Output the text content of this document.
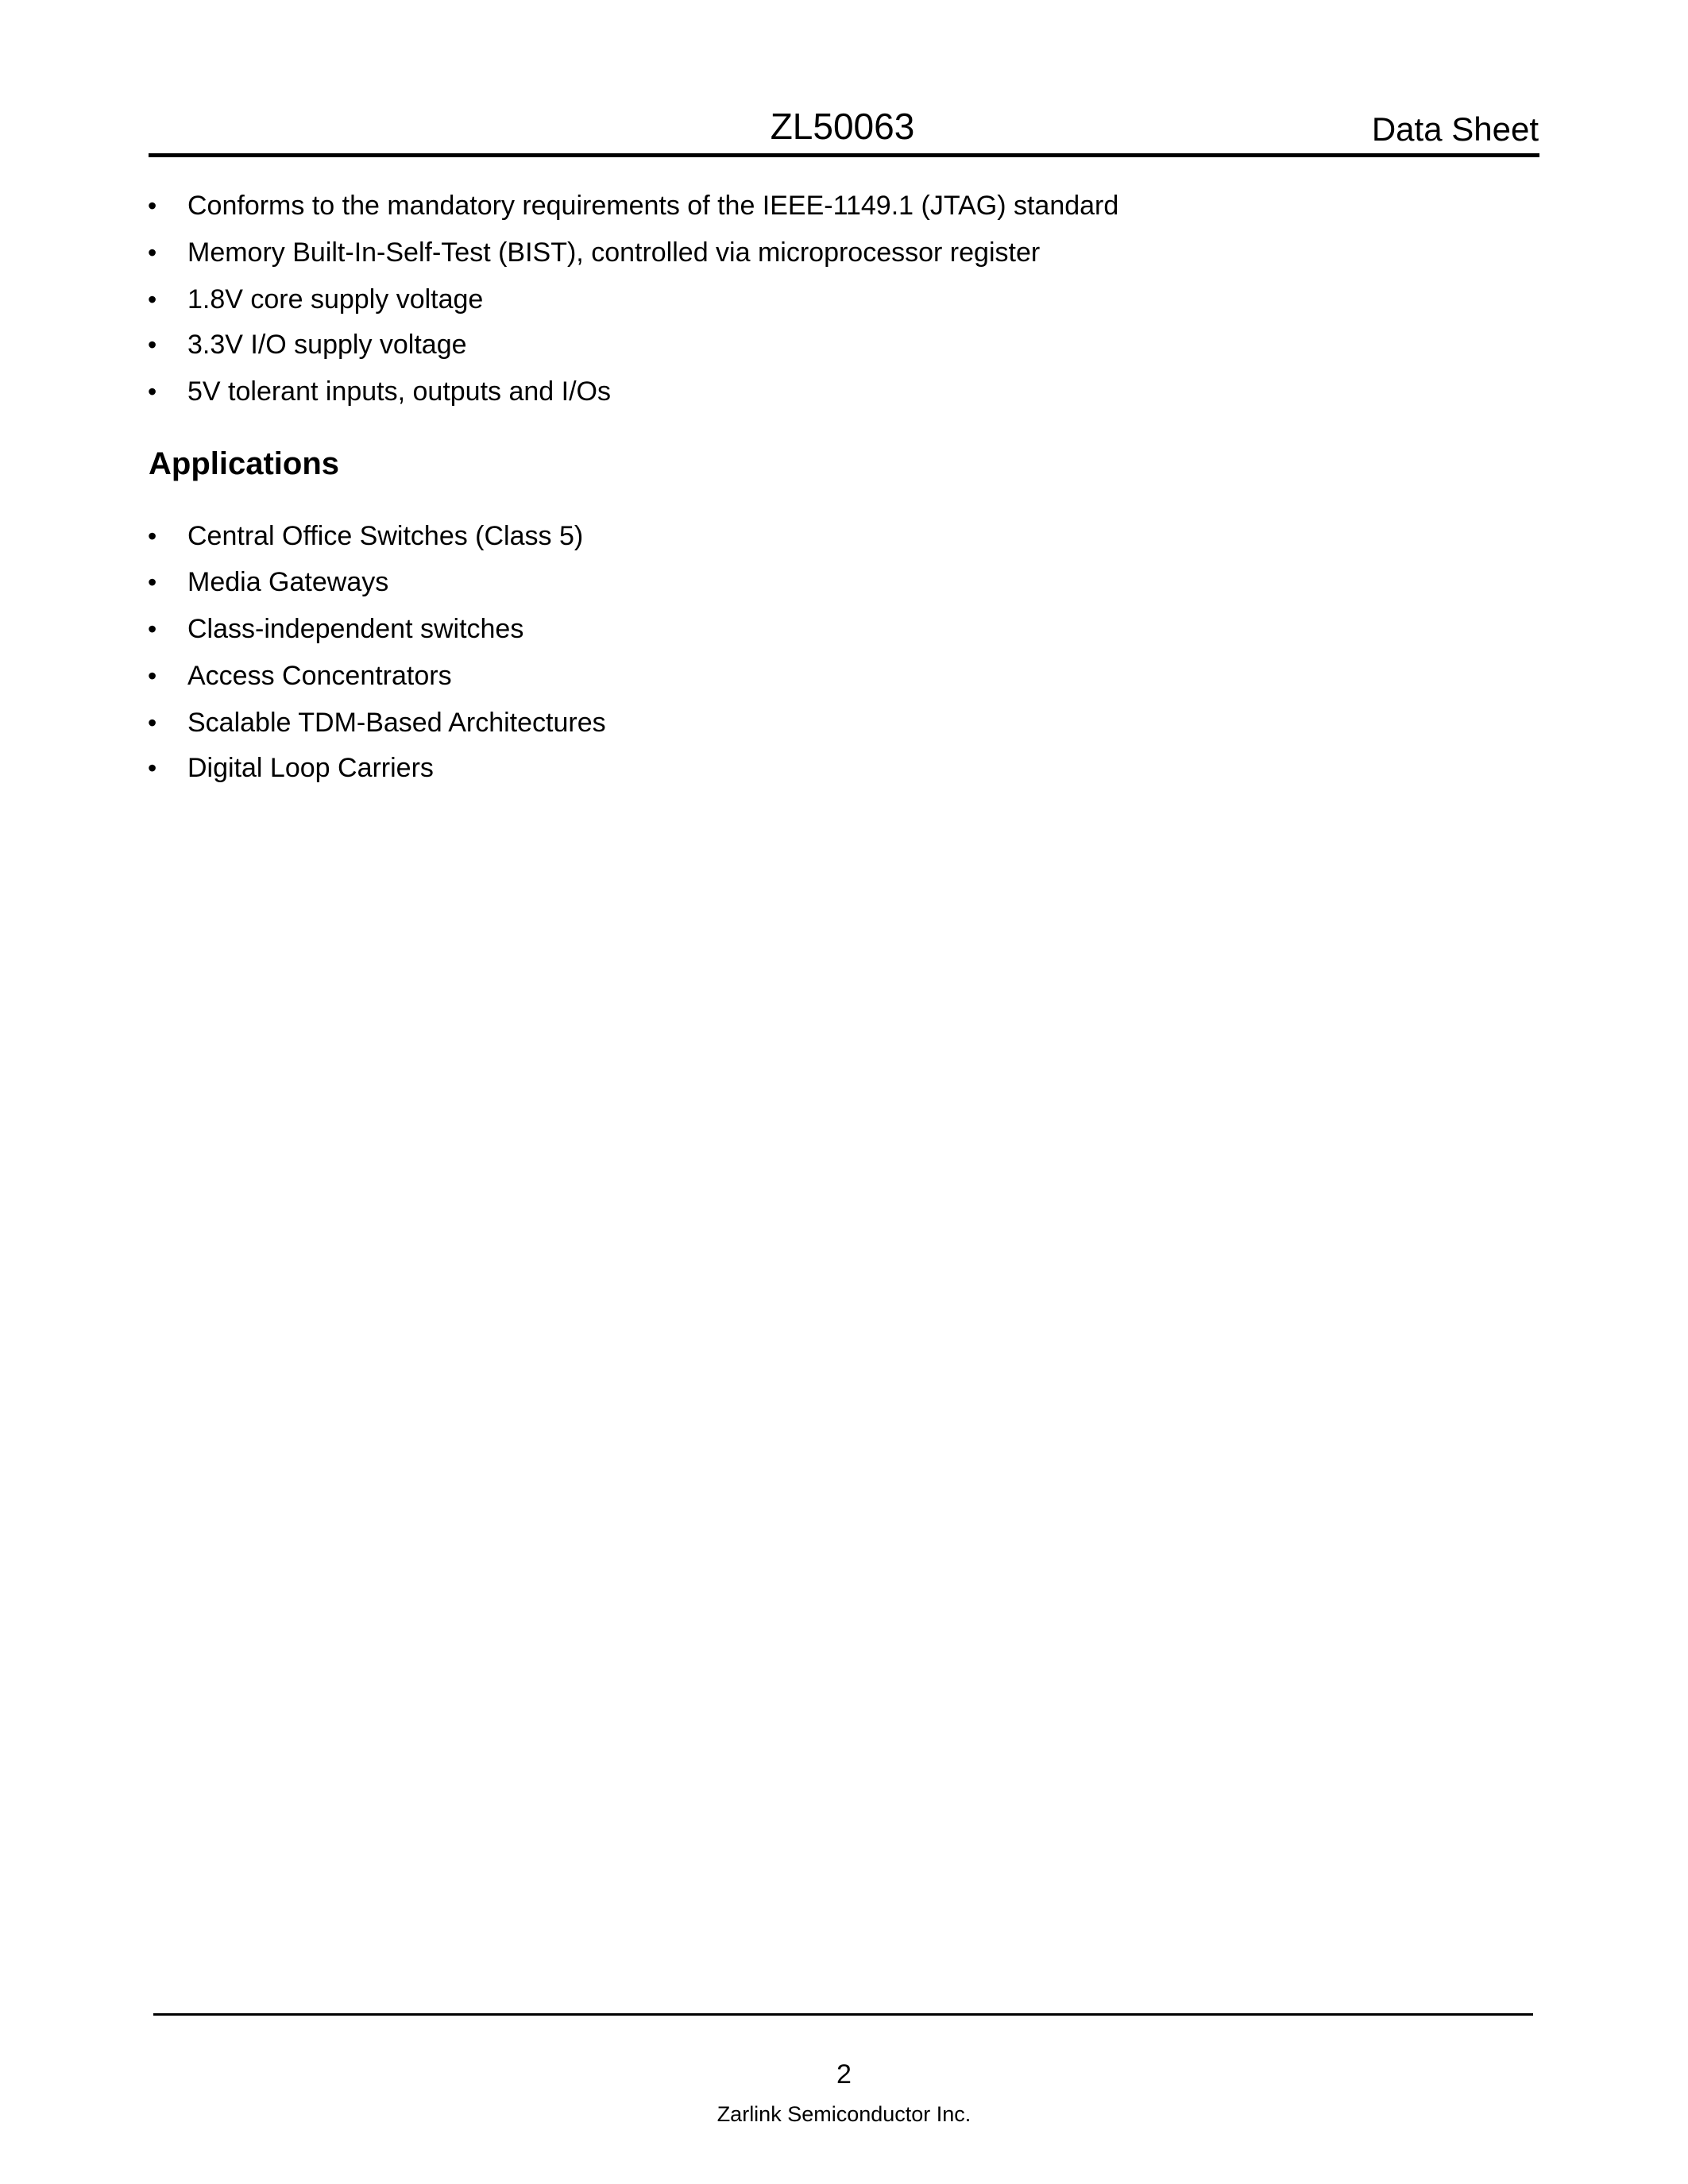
ZL50063	Data Sheet
• Conforms to the mandatory requirements of the IEEE-1149.1 (JTAG) standard
• Memory Built-In-Self-Test (BIST), controlled via microprocessor register
• 1.8V core supply voltage
• 3.3V I/O supply voltage
• 5V tolerant inputs, outputs and I/Os
Applications
• Central Office Switches (Class 5)
• Media Gateways
• Class-independent switches
• Access Concentrators
• Scalable TDM-Based Architectures
• Digital Loop Carriers
2
Zarlink Semiconductor Inc.
